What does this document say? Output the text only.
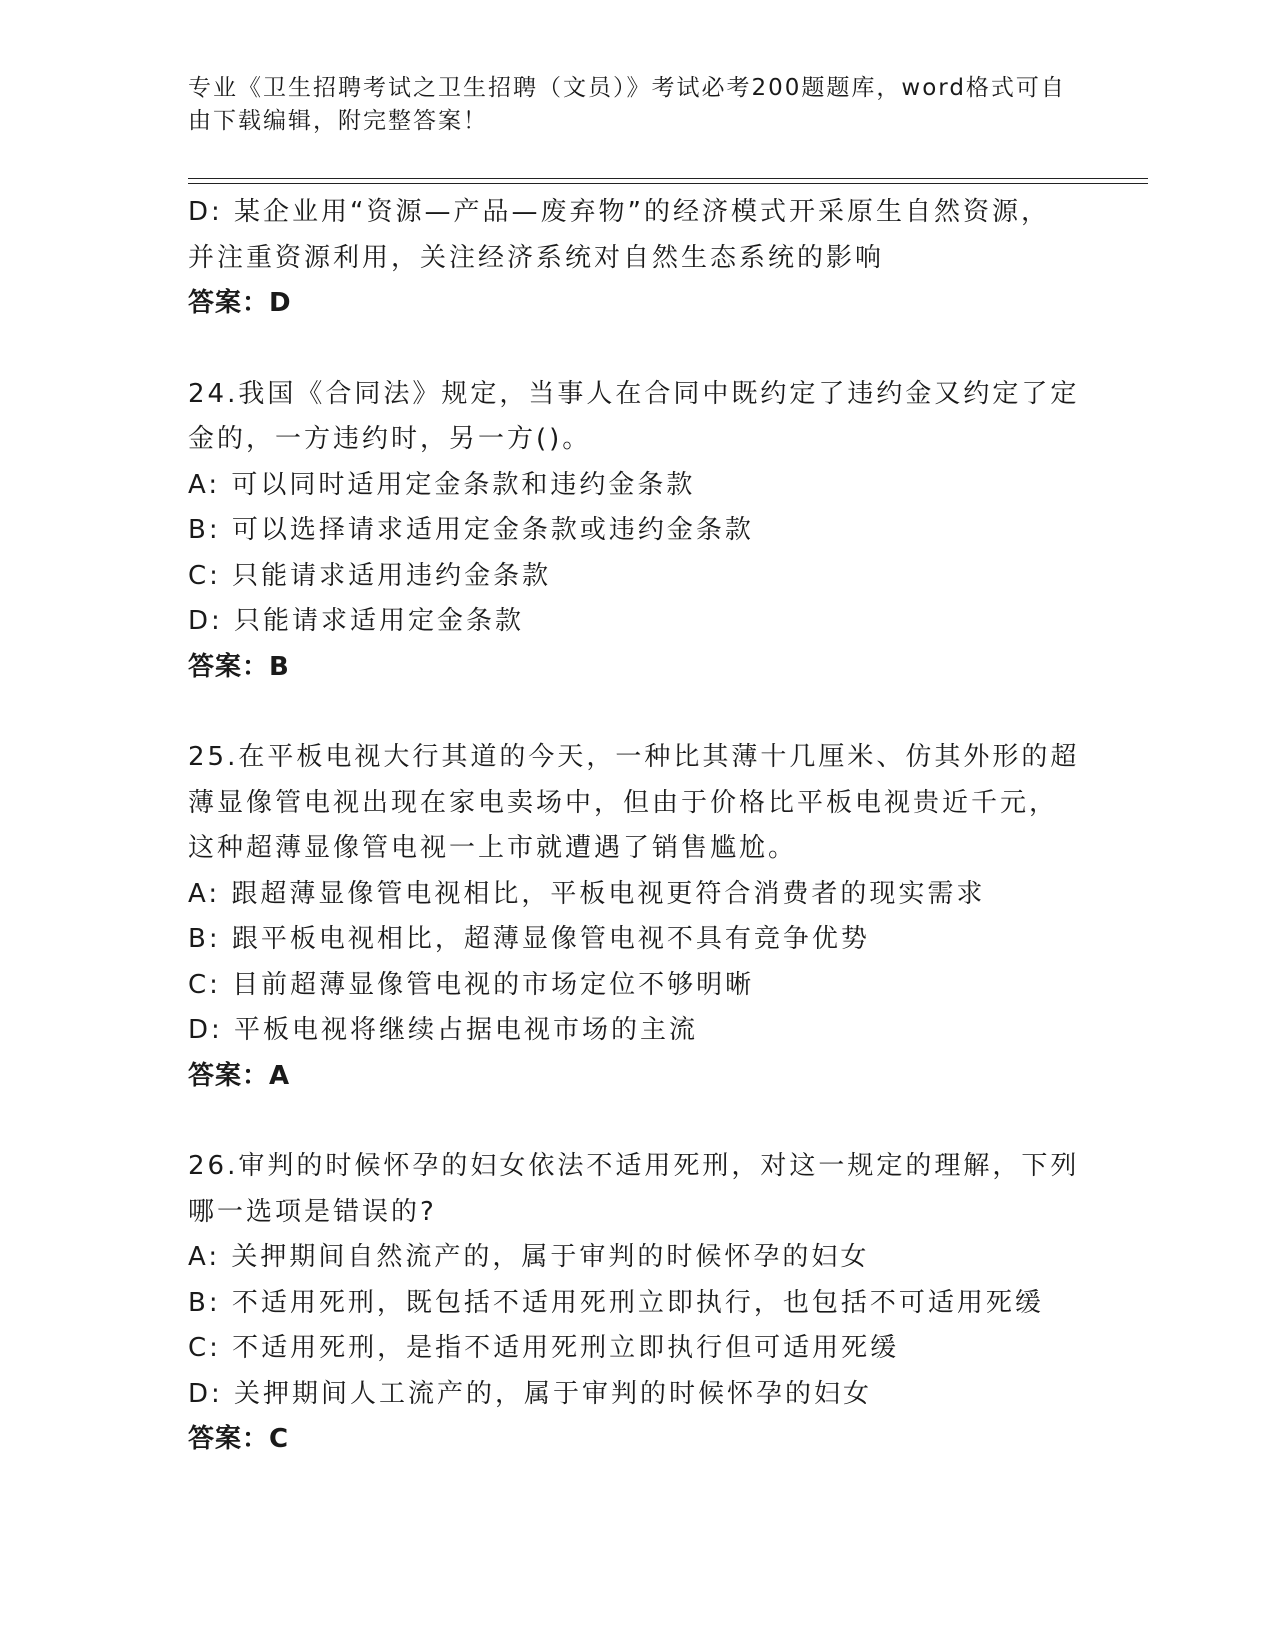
专业《卫生招聘考试之卫生招聘（文员）》考试必考200题题库，word格式可自
由下载编辑，附完整答案！
D: 某企业用“资源—产品—废弃物”的经济模式开采原生自然资源，
并注重资源利用，关注经济系统对自然生态系统的影响
答案：D
24.我国《合同法》规定，当事人在合同中既约定了违约金又约定了定
金的，一方违约时，另一方()。
A: 可以同时适用定金条款和违约金条款
B: 可以选择请求适用定金条款或违约金条款
C: 只能请求适用违约金条款
D: 只能请求适用定金条款
答案：B
25.在平板电视大行其道的今天，一种比其薄十几厘米、仿其外形的超
薄显像管电视出现在家电卖场中，但由于价格比平板电视贵近千元，
这种超薄显像管电视一上市就遭遇了销售尴尬。
A: 跟超薄显像管电视相比，平板电视更符合消费者的现实需求
B: 跟平板电视相比，超薄显像管电视不具有竞争优势
C: 目前超薄显像管电视的市场定位不够明晰
D: 平板电视将继续占据电视市场的主流
答案：A
26.审判的时候怀孕的妇女依法不适用死刑，对这一规定的理解，下列
哪一选项是错误的?
A: 关押期间自然流产的，属于审判的时候怀孕的妇女
B: 不适用死刑，既包括不适用死刑立即执行，也包括不可适用死缓
C: 不适用死刑，是指不适用死刑立即执行但可适用死缓
D: 关押期间人工流产的，属于审判的时候怀孕的妇女
答案：C
